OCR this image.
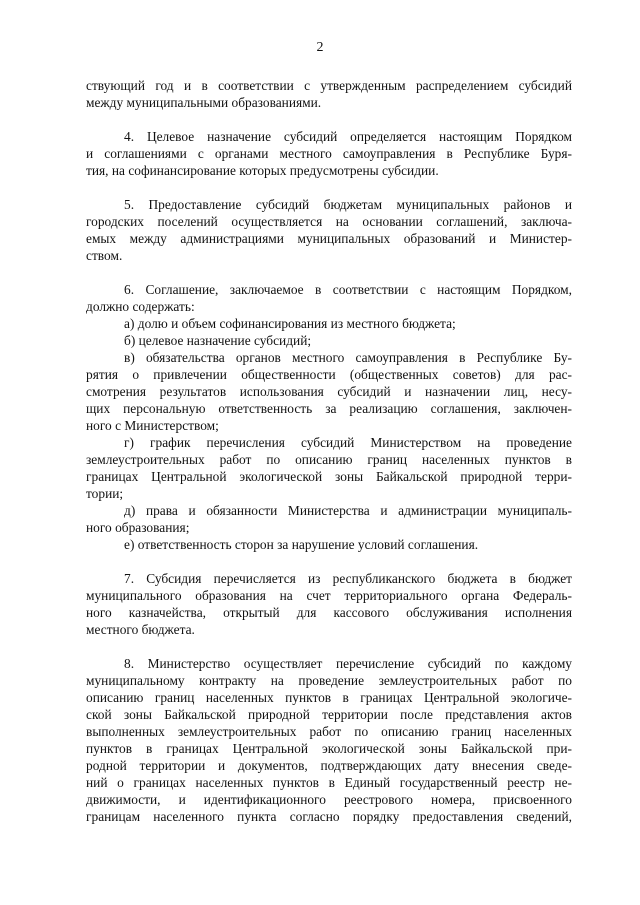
2

ствующий год и в соответствии с утвержденным распределением субсидий
между муниципальными образованиями.

4. Целевое назначение субсидий определяется настоящим Порядком
и соглашениями с органами местного самоуправления в Республике Буря-
тия, на софинансирование которых предусмотрены субсидии.

5. Предоставление субсидий бюджетам муниципальных районов и
городских поселений осуществляется на основании соглашений, заключа-
емых между администрациями муниципальных образований и Министер-
ством.

6. Соглашение, заключаемое в соответствии с настоящим Порядком,
должно содержать:

а) долю и объем софинансирования из местного бюджета;

б) целевое назначение субсидий;

в) обязательства органов местного самоуправления в Республике Бу-
рятия о привлечении общественности (общественных советов) для рас-
смотрения результатов использования субсидий и назначении лиц, несу-
щих персональную ответственность за реализацию соглашения, заключен-
ного с Министерством;

г) график перечисления субсидий Министерством на проведение
землеустроительных работ по описанию границ населенных пунктов в
границах Центральной экологической зоны Байкальской природной терри-
тории;

д) права и обязанности Министерства и администрации муниципаль-
ного образования;

е) ответственность сторон за нарушение условий соглашения.

7. Субсидия перечисляется из республиканского бюджета в бюджет
муниципального образования на счет территориального органа Федераль-
ного казначейства, открытый для кассового обслуживания исполнения
местного бюджета.

8. Министерство осуществляет перечисление субсидий по каждому
муниципальному контракту на проведение землеустроительных работ по
описанию границ населенных пунктов в границах Центральной экологиче-
ской зоны Байкальской природной территории после представления актов
выполненных землеустроительных работ по описанию границ населенных
пунктов в границах Центральной экологической зоны Байкальской при-
родной территории и документов, подтверждающих дату внесения сведе-
ний о границах населенных пунктов в Единый государственный реестр не-
движимости, и идентификационного реестрового номера, присвоенного
границам населенного пункта согласно порядку предоставления сведений,
